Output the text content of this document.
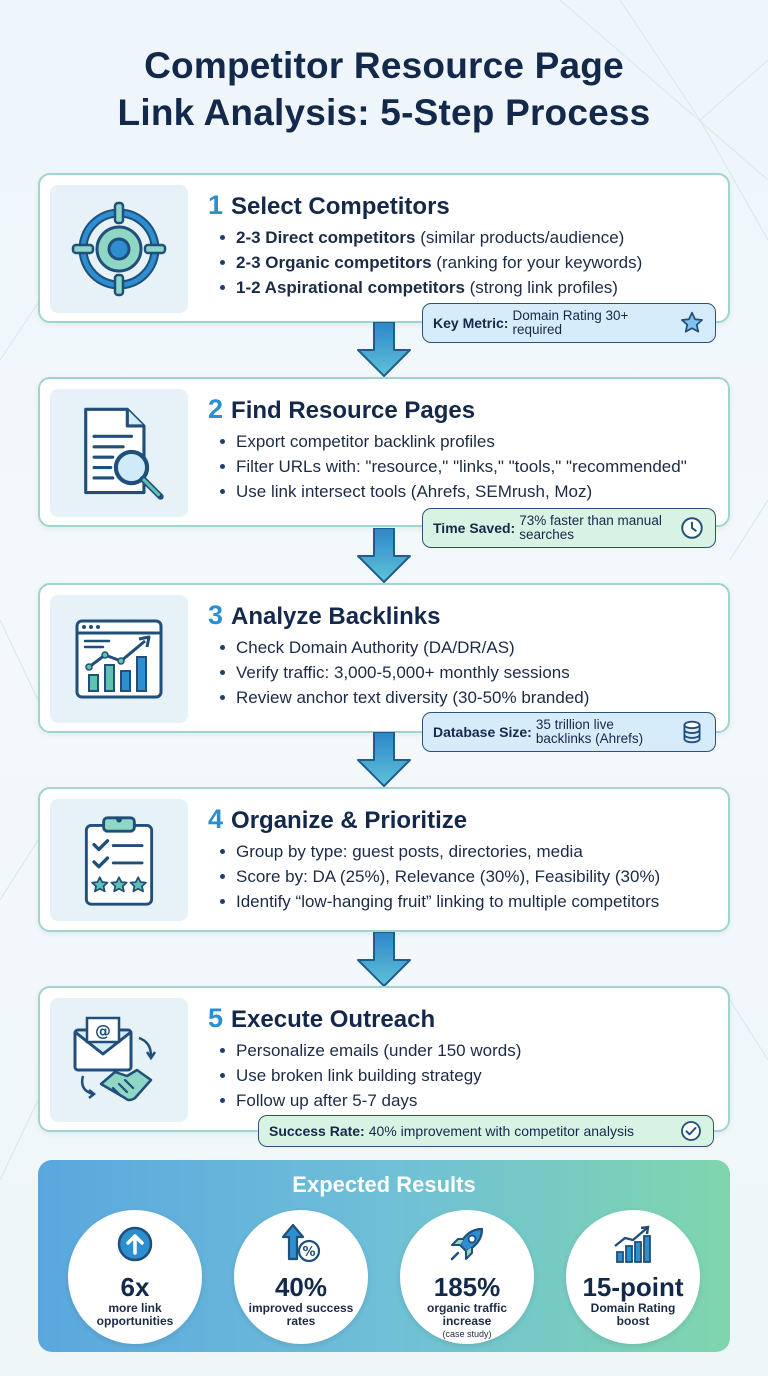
Competitor Resource Page
Link Analysis: 5-Step Process
1 Select Competitors
2-3 Direct competitors (similar products/audience)
2-3 Organic competitors (ranking for your keywords)
1-2 Aspirational competitors (strong link profiles)
Key Metric: Domain Rating 30+ required
2 Find Resource Pages
Export competitor backlink profiles
Filter URLs with: "resource," "links," "tools," "recommended"
Use link intersect tools (Ahrefs, SEMrush, Moz)
Time Saved: 73% faster than manual searches
3 Analyze Backlinks
Check Domain Authority (DA/DR/AS)
Verify traffic: 3,000-5,000+ monthly sessions
Review anchor text diversity (30-50% branded)
Database Size: 35 trillion live backlinks (Ahrefs)
4 Organize & Prioritize
Group by type: guest posts, directories, media
Score by: DA (25%), Relevance (30%), Feasibility (30%)
Identify “low-hanging fruit” linking to multiple competitors
@	5 Execute Outreach
Personalize emails (under 150 words)
Use broken link building strategy
Follow up after 5-7 days
Success Rate: 40% improvement with competitor analysis
Expected Results
6x
more link opportunities
%
40%
improved success rates
185%
organic traffic increase
(case study)
15-point
Domain Rating boost
